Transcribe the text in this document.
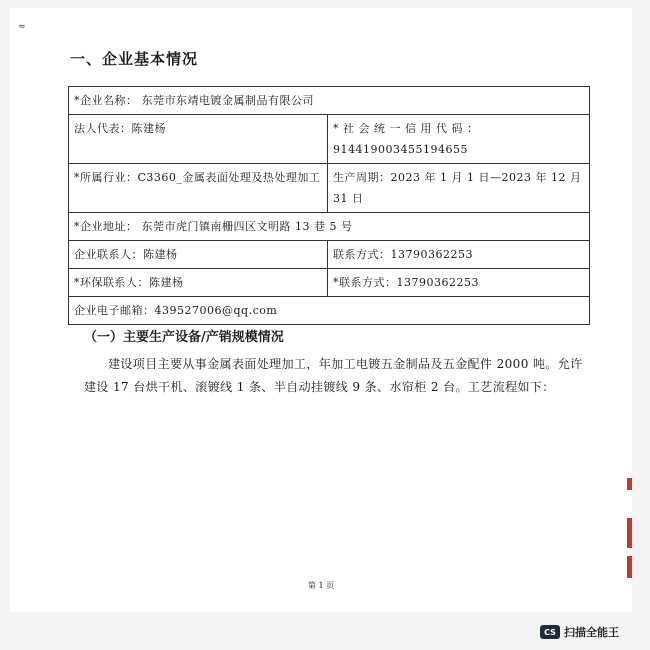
≈
一、企业基本情况
*企业名称： 东莞市东靖电镀金属制品有限公司	
法人代表：陈建杨	* 社 会 统 一 信 用 代 码 ：
914419003455194655

*所属行业：C3360_金属表面处理及热处理加工	生产周期：2023 年 1 月 1 日—2023 年 12 月 31 日
*企业地址： 东莞市虎门镇南栅四区文明路 13 巷 5 号	
企业联系人：陈建杨	联系方式：13790362253
*环保联系人：陈建杨	*联系方式：13790362253
企业电子邮箱：439527006@qq.com	
（一）主要生产设备/产销规模情况
建设项目主要从事金属表面处理加工，年加工电镀五金制品及五金配件 2000 吨。允许建设 17 台烘干机、滚镀线 1 条、半自动挂镀线 9 条、水帘柜 2 台。工艺流程如下：
第 1 页
CS 扫描全能王
